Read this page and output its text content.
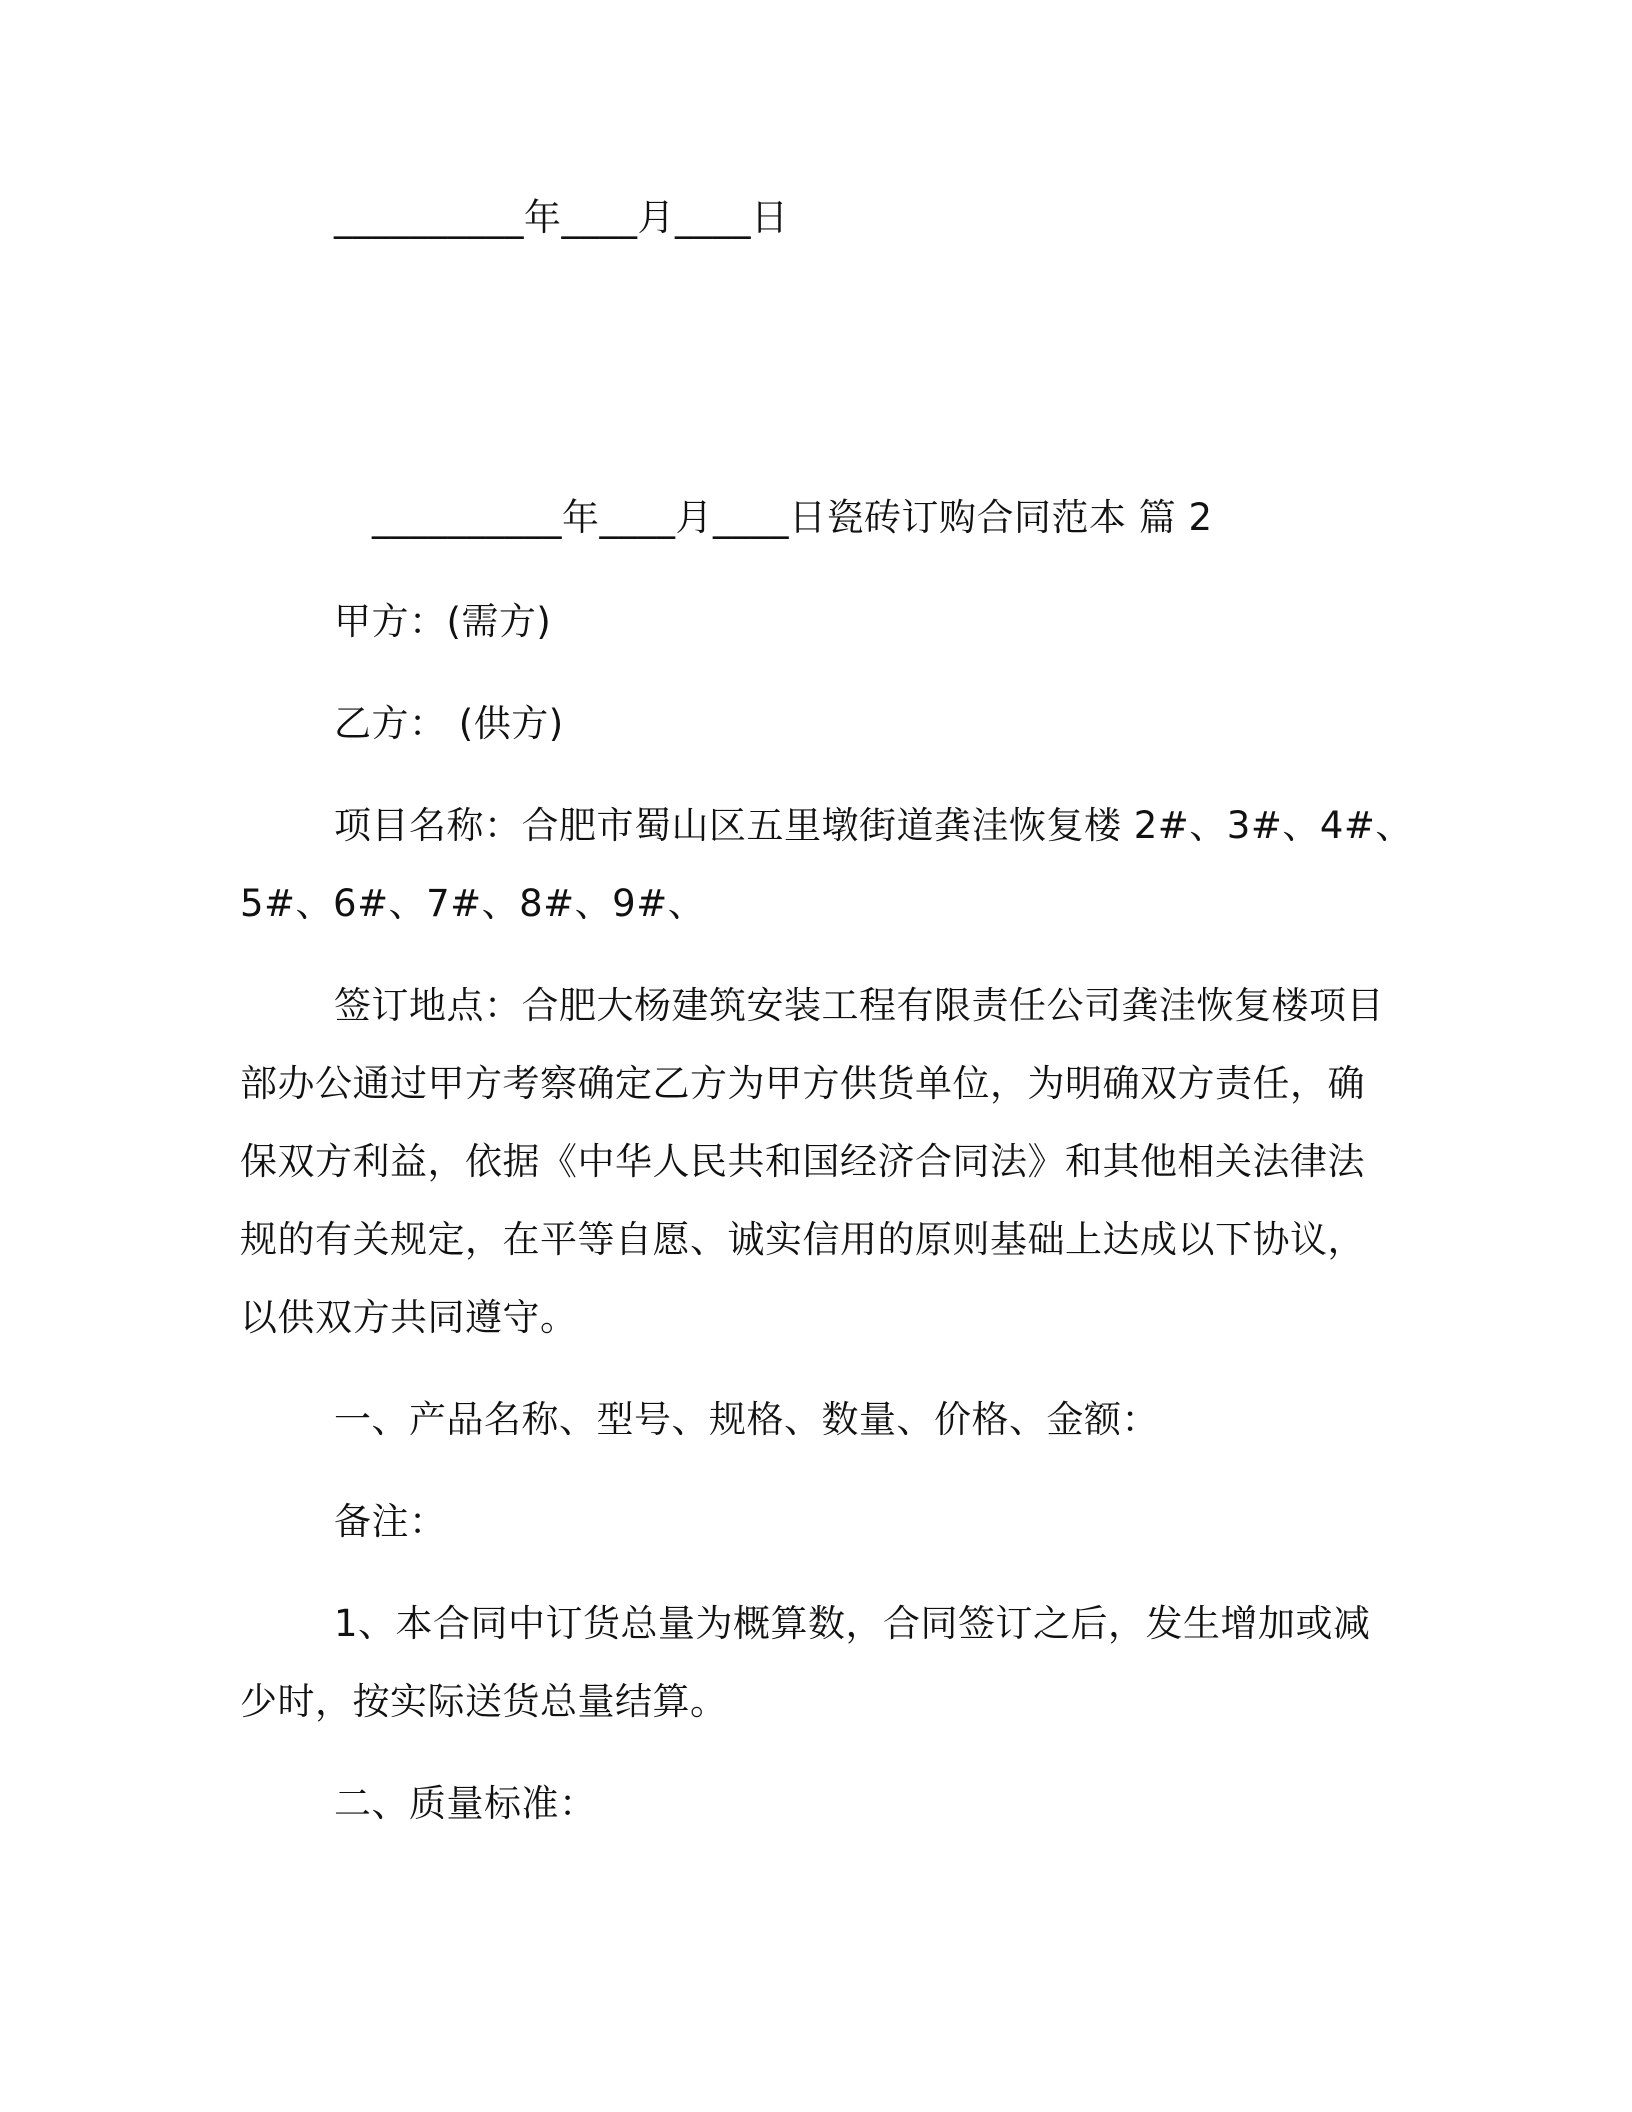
__________年____月____日
__________年____月____日瓷砖订购合同范本 篇 2
甲方：(需方)
乙方： (供方)
项目名称：合肥市蜀山区五里墩街道龚洼恢复楼 2#、3#、4#、
5#、6#、7#、8#、9#、
签订地点：合肥大杨建筑安装工程有限责任公司龚洼恢复楼项目
部办公通过甲方考察确定乙方为甲方供货单位，为明确双方责任，确
保双方利益，依据《中华人民共和国经济合同法》和其他相关法律法
规的有关规定，在平等自愿、诚实信用的原则基础上达成以下协议，
以供双方共同遵守。
一、产品名称、型号、规格、数量、价格、金额：
备注：
1、本合同中订货总量为概算数，合同签订之后，发生增加或减
少时，按实际送货总量结算。
二、质量标准：
